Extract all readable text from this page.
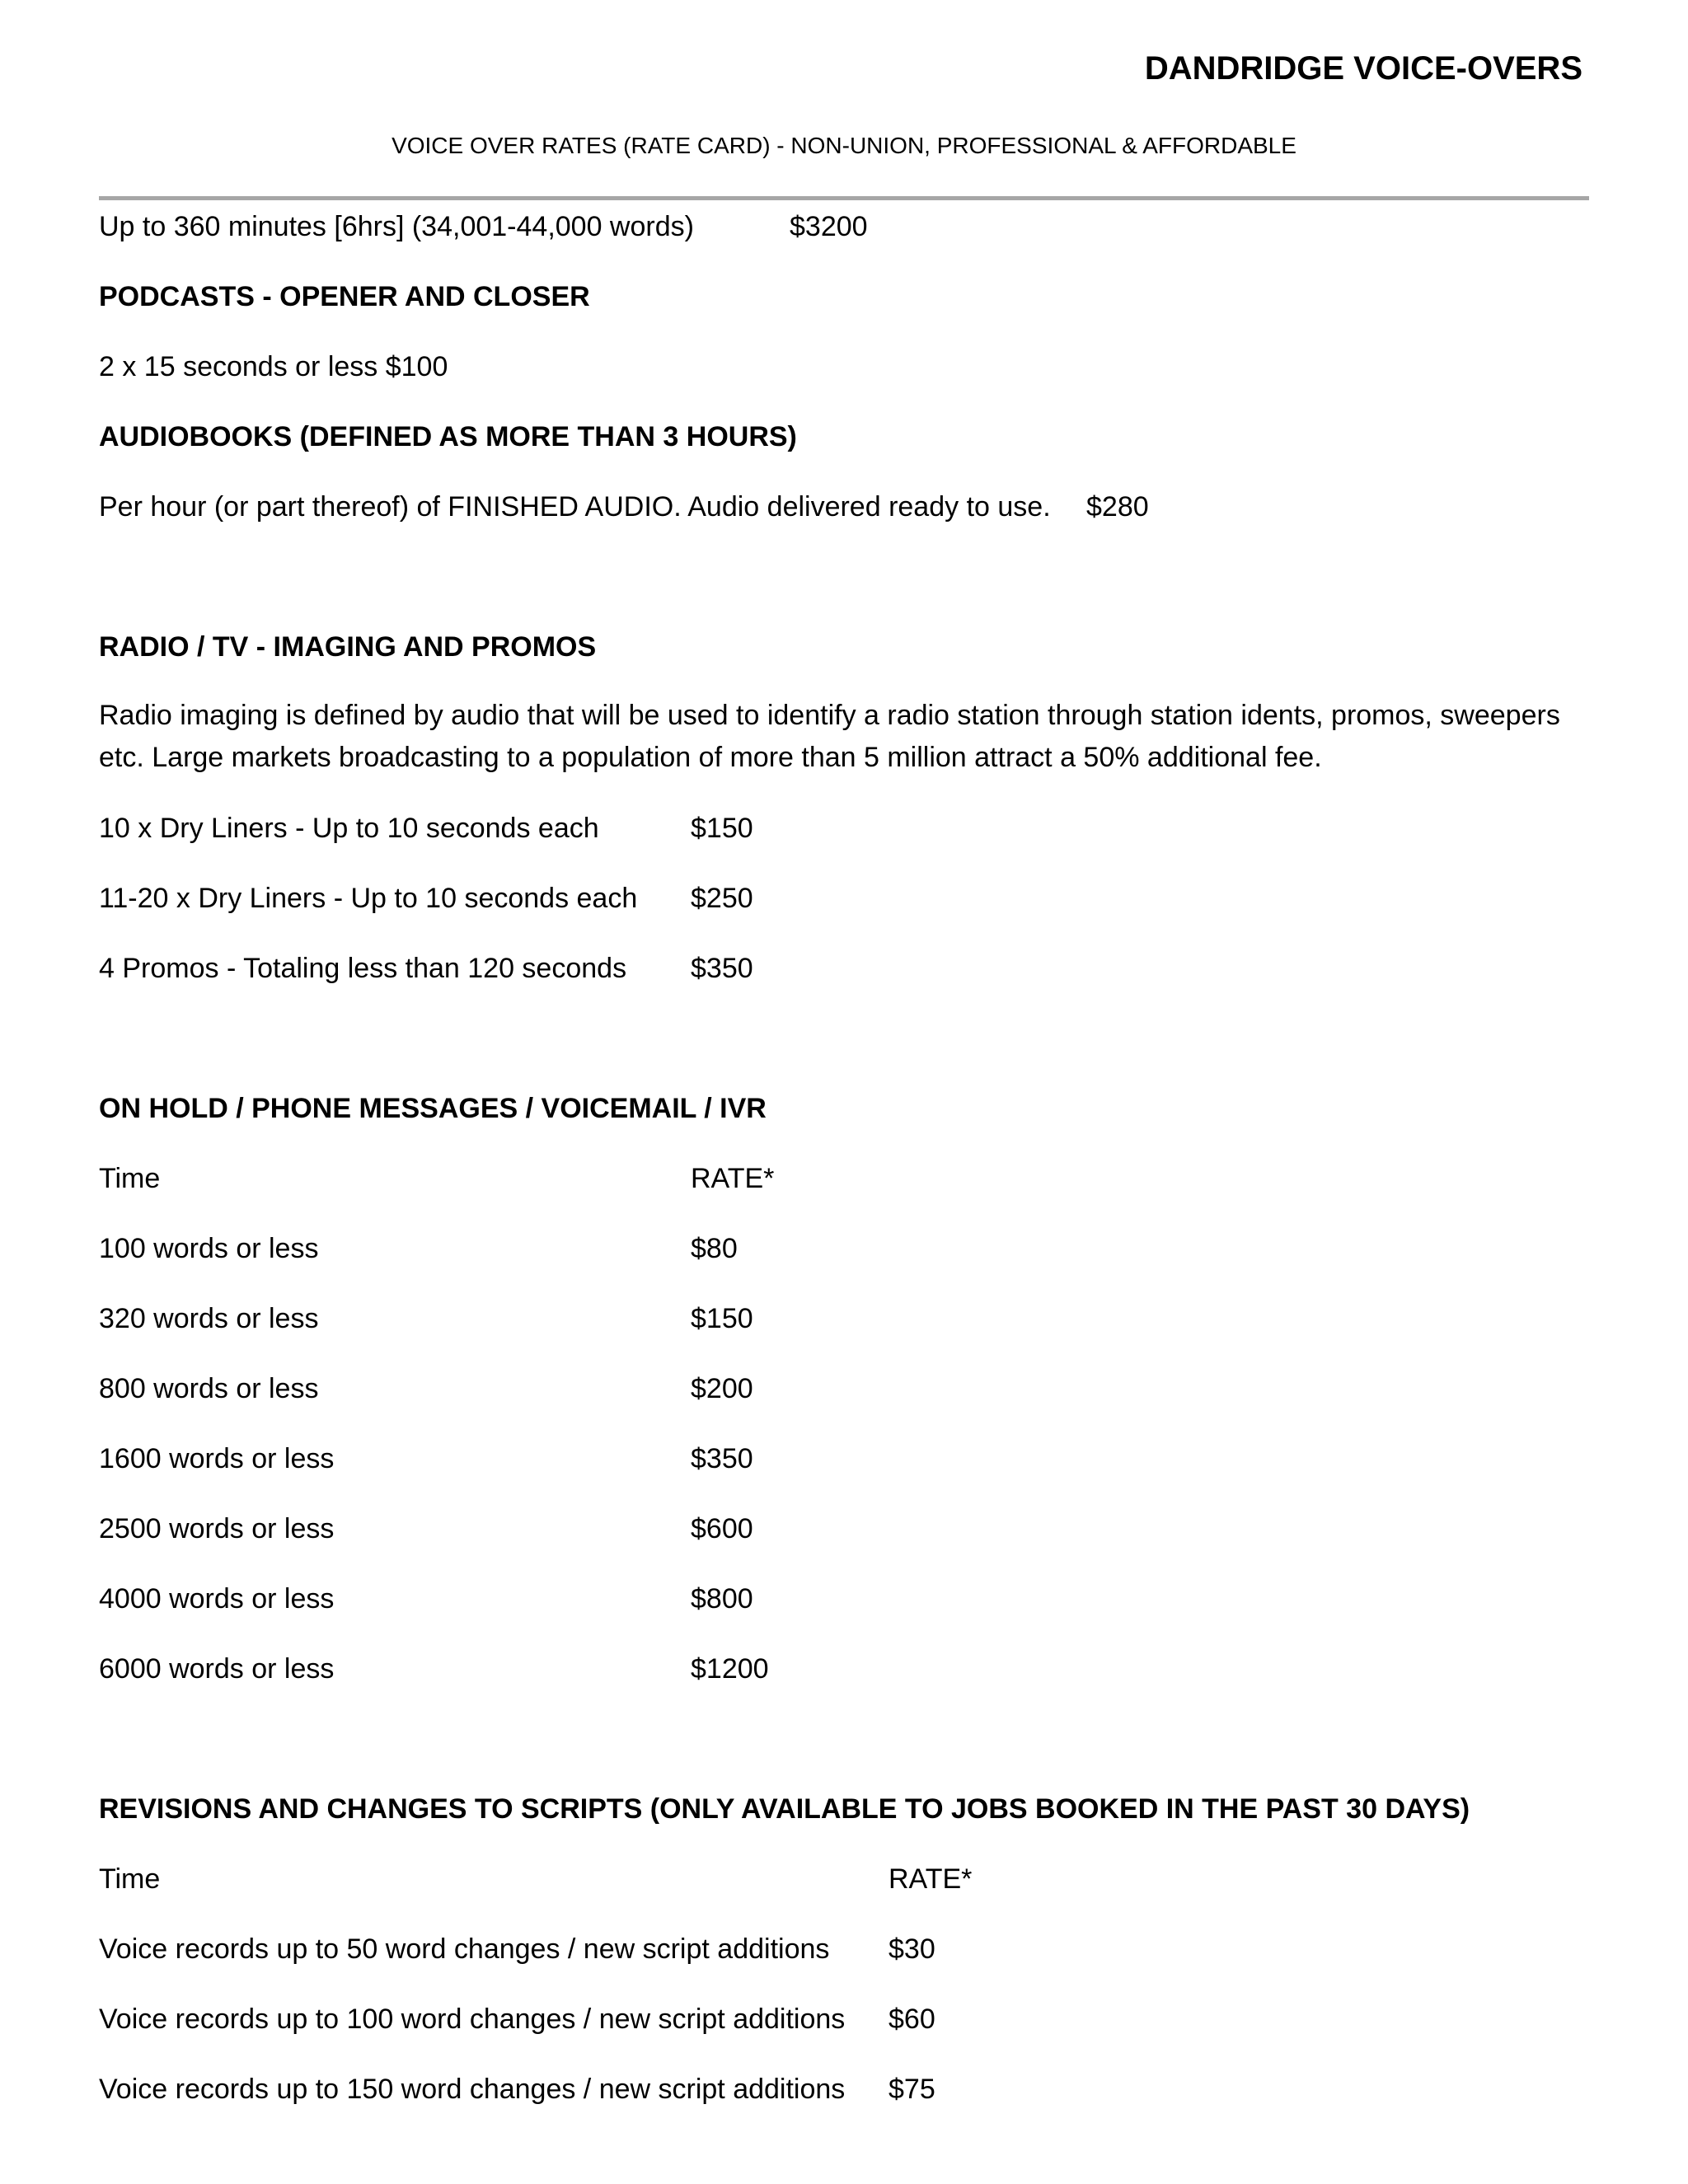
DANDRIDGE VOICE-OVERS
VOICE OVER RATES (RATE CARD) - NON-UNION, PROFESSIONAL & AFFORDABLE
Up to 360 minutes [6hrs] (34,001-44,000 words)	$3200
PODCASTS - OPENER AND CLOSER
2 x 15 seconds or less $100
AUDIOBOOKS (DEFINED AS MORE THAN 3 HOURS)
Per hour (or part thereof) of FINISHED AUDIO. Audio delivered ready to use. $280
RADIO / TV - IMAGING AND PROMOS
Radio imaging is defined by audio that will be used to identify a radio station through station idents, promos, sweepers etc. Large markets broadcasting to a population of more than 5 million attract a 50% additional fee.
10 x Dry Liners - Up to 10 seconds each	$150
11-20 x Dry Liners - Up to 10 seconds each $250
4 Promos - Totaling less than 120 seconds $350
ON HOLD / PHONE MESSAGES / VOICEMAIL / IVR
Time	RATE*
100 words or less	$80
320 words or less	$150
800 words or less	$200
1600 words or less	$350
2500 words or less	$600
4000 words or less	$800
6000 words or less	$1200
REVISIONS AND CHANGES TO SCRIPTS (ONLY AVAILABLE TO JOBS BOOKED IN THE PAST 30 DAYS)
Time	RATE*
Voice records up to 50 word changes / new script additions $30
Voice records up to 100 word changes / new script additions $60
Voice records up to 150 word changes / new script additions $75
